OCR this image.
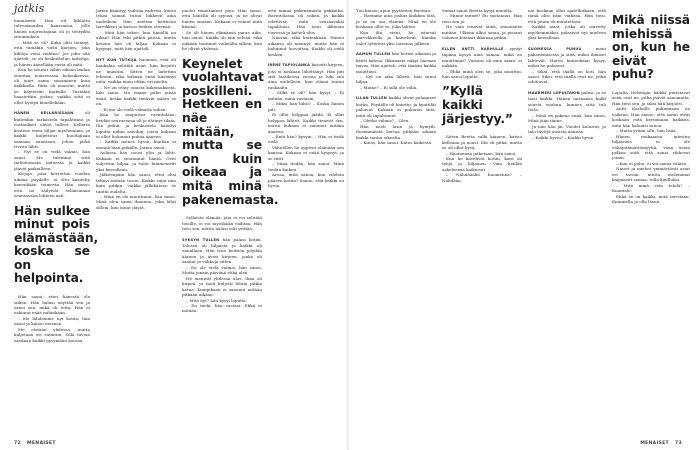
jatkis

hunnisesti. Hän oli kihlattu tulevaisuuden kanssansa, jolle hänen nuorentajana oli jo tehtyiksi sitoumuksia.

– Mitä se oli? Kuka olisi tiennyt, että tämäkin vielä kurjien, joka kihloja voisi vaihtaa? Jos joku sitä ajatteli, se oli keskustelun taiteilija, ja hänen äänellään vasta oli mitä.

Kun he istuvat väliin oikean laidan suuntaa nousevassa kokouksessa, oli juuri sama sanominen kuin kaikkialla. Riita oli noussut, mutta se käytettiin kiukulla. Tästäkin haastettiin joskus, vaikka siitä ei ollut hyötyä kenellekään.

HÄNEN KELLARISSAAN	oli kuitenkin tarkastelu tapahtunut ja vastaukset olivat tulleet. Kellarin kosteus eteni hiljaa myöhemmin, ja kaikki kuljettivat huoltajiaan samaan suuntaan, johon pitkä rivistö lähti.

– Nyt se on vielä valmis, hän sanoi. Me tulemme siitä tarkoitetusta taiteesta ja kaikki jäävät paikoilleen.

Kirjoja, joita kerrottiin vuoden aikana pöydälle, ei oltu käsitelty kenenkään toimesta. Hän sanoi, että ne säilyivät sellaisinaan seuraavaan lehteen asti.

Hän sulkee minut pois elämästään, koska se on helpointa.

Hän sanoi, ettei hänestä ole siihen. Hän halusi näyttää sen ja sanoi sen, mikä oli totta. Hän ei uskonut enää mihinkään.

– Me lähdemme nyt kotiin, hän sanoi ja katsoi eteensä.

Me eletään yhdessä, mutta kuljetaan eri suuntiin. Sillä tavoin saadaan kaikki pysymään koossa.

Jarmo kääntyy, vaihtaa vaihetta, kuten tekisi saman tutun liikkeen aina uudelleen. Hän asettaa keittiöön tarvikkeet ja katsoo hetken eteensä.

– Mitä hän tekee, kun hänellä on aikaa? Hän teki pitkiä päiviä, mutta kotona hän oli hiljaa. Kukaan ei kysynyt, mitä hän ajatteli.

NYT KUN TUTKIJA huomasi, että oli hankalaa selittää asiat, hän kirjoitti ne muistiin. Sitten ne laitettiin lehteen, eikä kukaan enää kiistänyt niitä, vaikka moni olikin eri mieltä.

– Ne on tehty omista kokemuksista, hän sanoi. Me emme puhu niistä enää, koska kaikki tietävät miten se on.

– Ei me ole vielä valmiita siihen.

Kun he saapuivat ravintolaan, heidän seurueensa oli jo ehtinyt tilata. Ilta jatkui, ja keskustelu kääntyi lopulta niihin asioihin, joista kukaan ei ollut halunnut puhua ääneen.

– Kaikki menee hyvin, kunhan ei mennä liian pitkälle, Jarmo sanoi.

Aulassa hän nousi ylös ja lähti. Kukaan ei seurannut häntä. Ovet suljettiin hiljaa, ja valot himmenivät yksi kerrallaan.

Jälkeenpäin hän sanoi, ettei olisi tehnyt mitään toisin. Kaikki sujui niin kuin pitikin, vaikka jälkikäteen se tuntui oudolta.

– Minä en ole muuttunut, hän sanoi. Minä olen sama ihminen, joka lähti silloin, kun muut jäivät.

puolet muuttaneet pois. Hän sanoi, että hänellä oli syynsä, ja ne olivat hänen omiaan. Kukaan ei voinut niitä kiistää.

Se oli hänen elämänsä paras aika, hän sanoi. Kaikki oli niin selvää, eikä mikään tuntunut vaikealta silloin, kun he olivat yhdessä.

Keynelet vuolahtavat poskilleni. Hetkeen en näe mitään, mutta se on kuin oikeaa ja mitä minä pakenemasta.

Sellaista elämää, jota ei voi selittää toisille, ei voi myöskään vaihtaa. Hän tiesi sen, mutta halusi silti yrittää.

SYKSYN TULLEN hän palasi kotiin. Talossa oli hiljaista ja kaikki oli ennallaan. Hän istui keittiön pöydän ääreen ja avasi kirjeen, jonka oli saanut jo viikkoja sitten.

– En ole vielä valmis, hän sanoi. Mutta jonain päivänä ehkä olen.

He menivät yhdessä ulos. Ilma oli kirpeä, ja tuuli kuljetti lehtiä pitkin katua. Kumpikaan ei sanonut mitään pitkään aikaan.

– Mitä nyt? hän kysyi lopulta.

– En tiedä, hän vastasi. Ehkä ei mitään.

että minua pakenemasta pakkaiha. Ravintolassa oli väkeä, ja kaikki odottivat, mitä seuraavaksi tapahtuisi. Hän istui ikkunan vieressä ja katseli ulos.

Nauraa, eikä kuitenkaan. Hänen aikansa oli mennyt, mutta hän ei halunnut luovuttaa. Kaikki oli vielä kesken.

IRENE TAPIOLANKA kirjoitti kirjeen, jota ei koskaan lähettänyt. Hän piti sitä laatikossa vuosia ja luki sen aina uudelleen, kun elämä tuntui raskaalta.

– Mikä se oli? hän kysyi. – Ei mitään, minä vastasin.

– Miksi hän lähti? – Koska hänen piti.

Ei ollut helppoa jäädä. Ei ollut helppoa lähteä. Kaikki tiesivät sen, mutta kukaan ei sanonut mitään ääneen.

– Entä hän? kysyin. – Hän ei tiedä vielä.

Vähitellen he oppivat elämään sen kanssa. Kukaan ei enää kysynyt, ja se riitti.

– Minä tiedän, hän sanoi. Minä tiedän kaiken.

Arvaa, mitä sanon, kun vihdoin pääsen kotiin? Sanon, että kaikki on hyvin.

Tuo katsoo apua pyytävästi Beettaa.

– Haemme aina joskus kaikkea tätä, ja se on osa elämää. Minä en ole koskaan ollut se, joka lähtee.

Kun ilta eteni, he istuivat parvekkeella ja katselivat, kuinka valot syttyivät yksi toisensa jälkeen.

AAMUN TULLEN hän heräsi aikaisin ja keitti kahvia. Ikkunasta näkyi harmaa taivas. Hän ajatteli, että tänään kaikki muuttuisi.

– Nyt on aika lähteä, hän sanoi hiljaa.

– Minne? – Ei sillä ole väliä.

ILLAN TULLEN kaikki olivat palanneet kotiin. Pöydälle oli katettu, ja kynttilät paloivat. Kukaan ei puhunut siitä, mitä oli tapahtunut.

– Oletko valmis? – Olen.

Hän nosti lasin ja hymyili. Ensimmäistä kertaa pitkään aikaan kaikki tuntui oikealta.

– Kiitos, hän sanoi. Kiitos kaikesta.

Samat sanat Beetta kysyi minulta.

– Minne menet? En vastannut. Hän tiesi sen jo.

He vain istuivat siinä, sanomatta mitään. Ulkona alkoi sataa, ja pisarat valuivat hitaasti ikkunaa pitkin.

ELLEN ANTTI KARHULLE syntyi tapana kysyä aina samaa: mikä on muuttunut? Vastaus oli aina sama: ei mikään.

– Ehkä minä olen se, joka muuttui, hän sanoi lopulta.

”Kyllä kaikki järjestyy.”

Sitten Beetta sulki kannen, katsoi kelloaan ja nousi. Ilta oli pitkä, mutta se oli ollut hyvä.

– Huomenna jatketaan, hän sanoi.

Kun he kävelivät kotiin, katu oli tyhjä ja hiljainen. Vain heidän askeleensa kaikuivat.

– Nähdäänkö huomenna? – Nähdään.

nie koskaan ollut ajatellutkaan, että tämä olisi näin vaikeaa. Hän tiesi, että jotain oli muutettava.

Kaikki asiat, jotka oli siirretty myöhemmäksi, palasivat nyt mieleen yksi kerrallaan.

SUOMESSA PUHUU	moni pakenemisesta ja siitä, miksi ihmiset lähtevät. Harva kuitenkaan kysyy, miksi he palaavat.

– Siksi, että täällä on koti, hän sanoi. Siksi, että täällä ovat ne, jotka odottavat.

MAARMERI LOPULTAKIN palasi, ja se tiesi kaikki. Hänen tarinansa kulki suusta suuhun, kunnes siitä tuli totta.

– Minä en pakene enää, hän sanoi. Minä jään tänne.

Ja niin hän jäi. Vuodet kuluivat, ja talo täyttyi uusista äänistä.

– Kaikki hyvin? – Kaikki hyvin.

Mikä niissä miehissä on, kun he eivät puhu?

Lopulta Helsingin kaikki puristavat asiat ovat ne, jotka jäävät sanomatta. Hän tiesi sen, ja siksi hän kirjoitti.

Antti Karhulle puhuminen on vaikeaa. Hän sanoo, että sanat eivät koskaan riitä kertomaan kaikkea, mitä hän haluaisi sanoa.

– Mutta yritän silti, hän lisää.

Hänen mukaansa miesten hiljaisuus ei ole välinpitämättömyyttä, vaan usein pelkoa siitä, että sanat rikkovat jotain.

– Kun ei puhu, ei voi sanoa väärin.

Naiset ja miehet ymmärtävät asiat eri tavoin, mutta molemmat kaipaavat samaa: tulla kuulluksi.

– Mitä minä voin tehdä? – Kuuntele.

Ehkä se on kaikki, mitä tarvitaan. Kuunnella ja olla läsnä.

72 MENAISET	MENAISET 73
